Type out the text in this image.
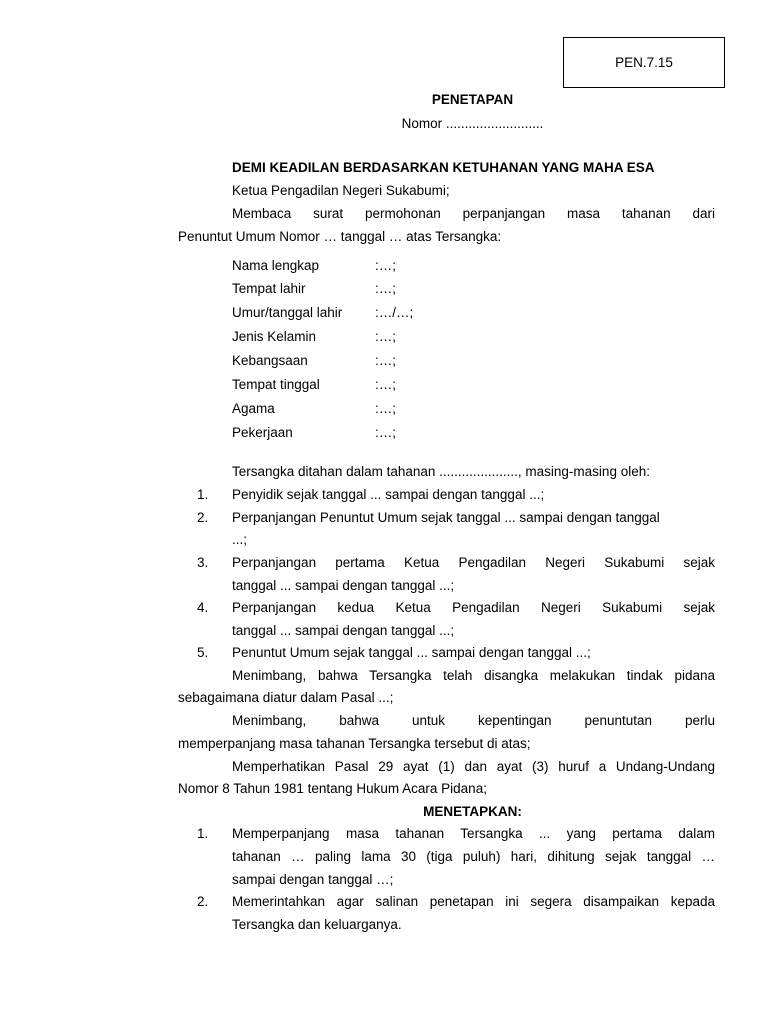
PEN.7.15
PENETAPAN
Nomor ..........................
DEMI KEADILAN BERDASARKAN KETUHANAN YANG MAHA ESA
Ketua Pengadilan Negeri Sukabumi;
Membaca surat permohonan perpanjangan masa tahanan dari
Penuntut Umum Nomor … tanggal … atas Tersangka:
Nama lengkap	:…;
Tempat lahir	:…;
Umur/tanggal lahir :…/…;
Jenis Kelamin	:…;
Kebangsaan	:…;
Tempat tinggal	:…;
Agama	:…;
Pekerjaan	:…;
Tersangka ditahan dalam tahanan ....................., masing-masing oleh:
1. Penyidik sejak tanggal ... sampai dengan tanggal ...;
2. Perpanjangan Penuntut Umum sejak tanggal ... sampai dengan tanggal
...;
3. Perpanjangan pertama Ketua Pengadilan Negeri Sukabumi sejak
tanggal ... sampai dengan tanggal ...;
4. Perpanjangan kedua Ketua Pengadilan Negeri Sukabumi sejak
tanggal ... sampai dengan tanggal ...;
5. Penuntut Umum sejak tanggal ... sampai dengan tanggal ...;
Menimbang, bahwa Tersangka telah disangka melakukan tindak pidana
sebagaimana diatur dalam Pasal ...;
Menimbang, bahwa untuk kepentingan penuntutan perlu
memperpanjang masa tahanan Tersangka tersebut di atas;
Memperhatikan Pasal 29 ayat (1) dan ayat (3) huruf a Undang-Undang
Nomor 8 Tahun 1981 tentang Hukum Acara Pidana;
MENETAPKAN:
1. Memperpanjang masa tahanan Tersangka ... yang pertama dalam
tahanan … paling lama 30 (tiga puluh) hari, dihitung sejak tanggal …
sampai dengan tanggal …;
2. Memerintahkan agar salinan penetapan ini segera disampaikan kepada
Tersangka dan keluarganya.
